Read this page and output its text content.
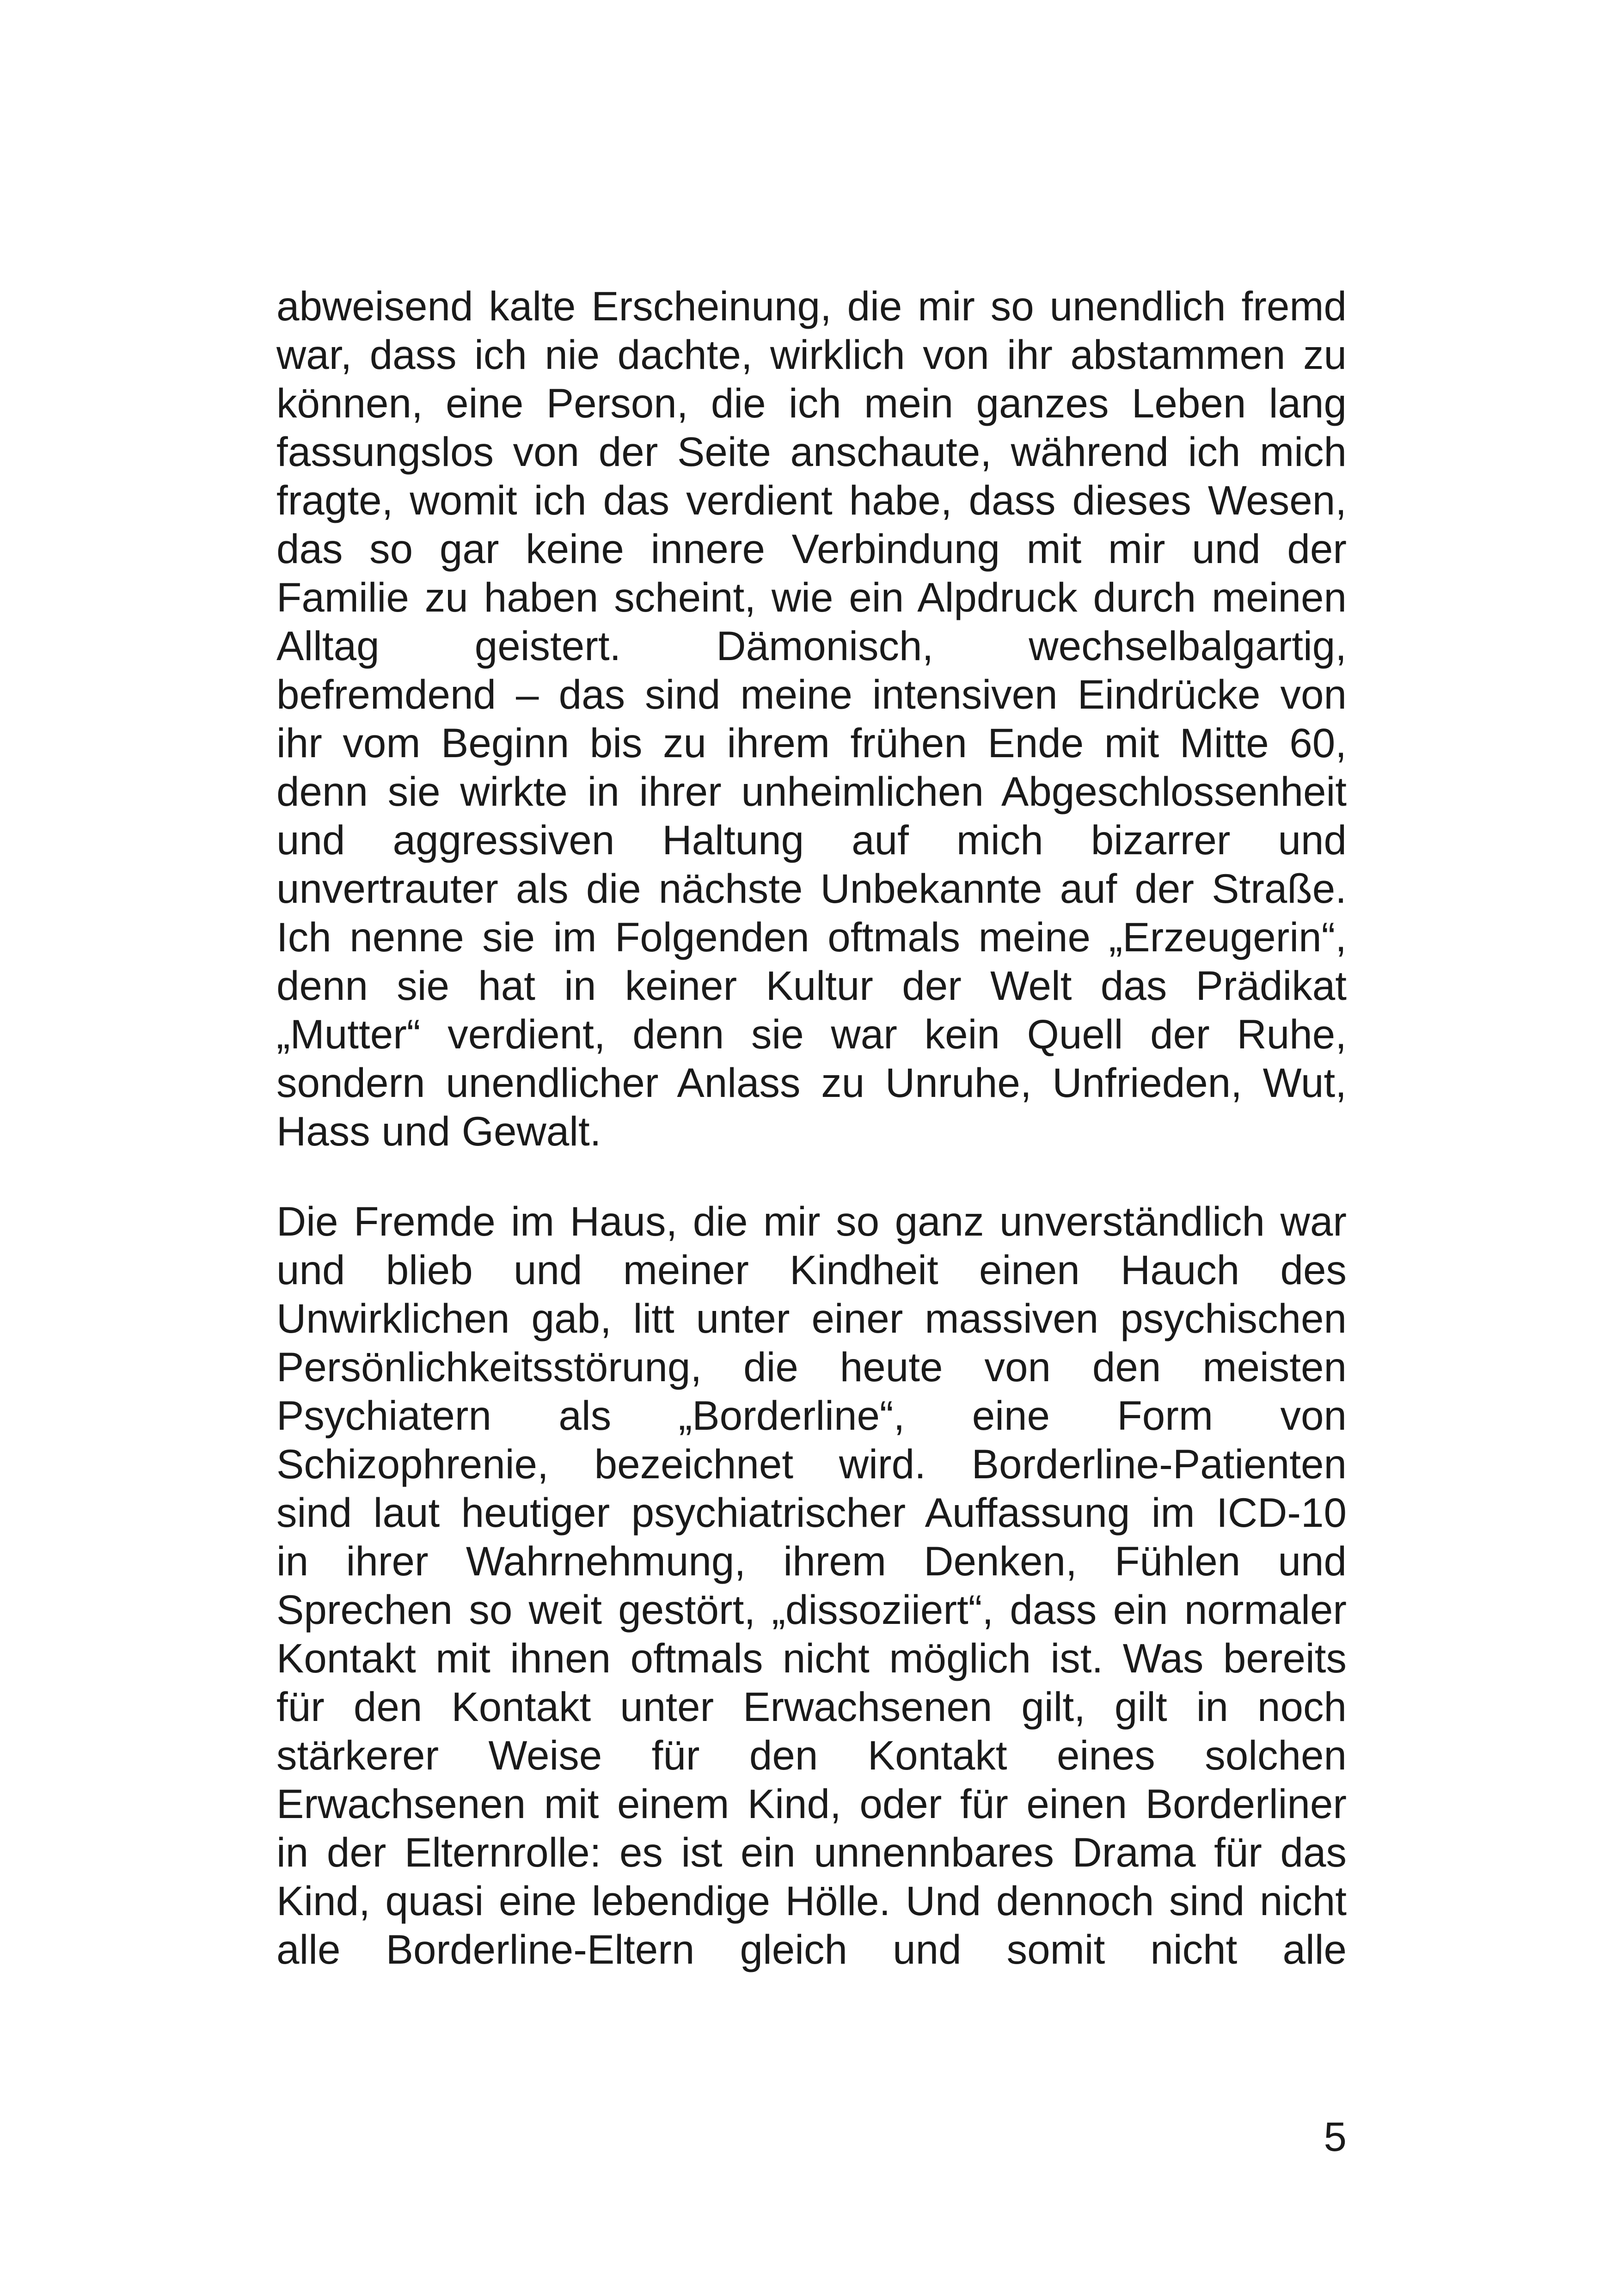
abweisend kalte Erscheinung, die mir so unendlich fremd
war, dass ich nie dachte, wirklich von ihr abstammen zu
können, eine Person, die ich mein ganzes Leben lang
fassungslos von der Seite anschaute, während ich mich
fragte, womit ich das verdient habe, dass dieses Wesen,
das so gar keine innere Verbindung mit mir und der
Familie zu haben scheint, wie ein Alpdruck durch meinen
Alltag geistert. Dämonisch, wechselbalgartig,
befremdend – das sind meine intensiven Eindrücke von
ihr vom Beginn bis zu ihrem frühen Ende mit Mitte 60,
denn sie wirkte in ihrer unheimlichen Abgeschlossenheit
und aggressiven Haltung auf mich bizarrer und
unvertrauter als die nächste Unbekannte auf der Straße.
Ich nenne sie im Folgenden oftmals meine „Erzeugerin“,
denn sie hat in keiner Kultur der Welt das Prädikat
„Mutter“ verdient, denn sie war kein Quell der Ruhe,
sondern unendlicher Anlass zu Unruhe, Unfrieden, Wut,
Hass und Gewalt.
Die Fremde im Haus, die mir so ganz unverständlich war
und blieb und meiner Kindheit einen Hauch des
Unwirklichen gab, litt unter einer massiven psychischen
Persönlichkeitsstörung, die heute von den meisten
Psychiatern als „Borderline“, eine Form von
Schizophrenie, bezeichnet wird. Borderline-Patienten
sind laut heutiger psychiatrischer Auffassung im ICD-10
in ihrer Wahrnehmung, ihrem Denken, Fühlen und
Sprechen so weit gestört, „dissoziiert“, dass ein normaler
Kontakt mit ihnen oftmals nicht möglich ist. Was bereits
für den Kontakt unter Erwachsenen gilt, gilt in noch
stärkerer Weise für den Kontakt eines solchen
Erwachsenen mit einem Kind, oder für einen Borderliner
in der Elternrolle: es ist ein unnennbares Drama für das
Kind, quasi eine lebendige Hölle. Und dennoch sind nicht
alle Borderline-Eltern gleich und somit nicht alle
5
